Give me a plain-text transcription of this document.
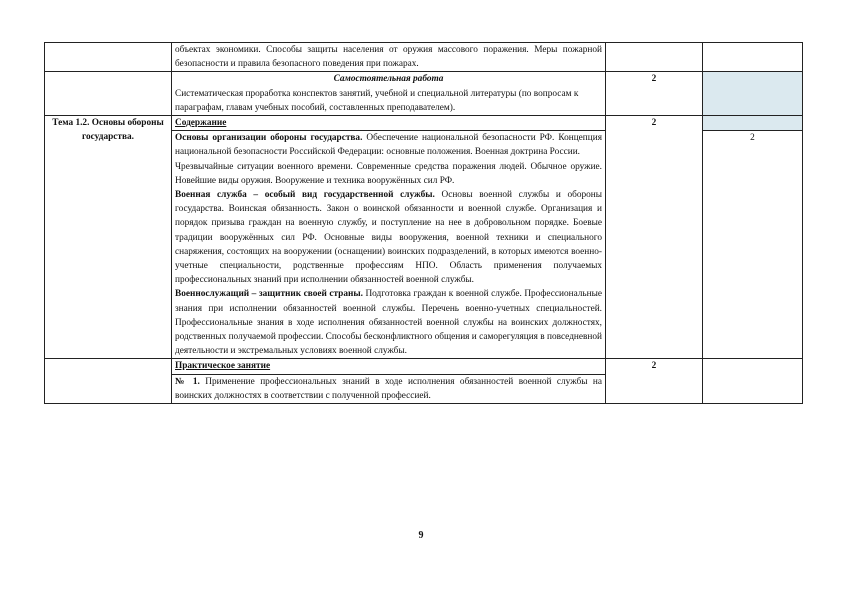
	объектах экономики. Способы защиты населения от оружия массового поражения. Меры пожарной безопасности и правила безопасного поведения при пожарах.		

	Самостоятельная работа
Систематическая проработка конспектов занятий, учебной и специальной литературы (по вопросам к параграфам, главам учебных пособий, составленных преподавателем).	2	
Тема 1.2. Основы обороны государства.	Содержание	2	

	Основы организации обороны государства. Обеспечение национальной безопасности РФ. Концепция национальной безопасности Российской Федерации: основные положения. Военная доктрина России.
Чрезвычайные ситуации военного времени. Современные средства поражения людей. Обычное оружие. Новейшие виды оружия. Вооружение и техника вооружённых сил РФ.
Военная служба – особый вид государственной службы. Основы военной службы и обороны государства. Воинская обязанность. Закон о воинской обязанности и военной службе. Организация и порядок призыва граждан на военную службу, и поступление на нее в добровольном порядке. Боевые традиции вооружённых сил РФ. Основные виды вооружения, военной техники и специального снаряжения, состоящих на вооружении (оснащении) воинских подразделений, в которых имеются военно-учетные специальности, родственные профессиям НПО. Область применения получаемых профессиональных знаний при исполнении обязанностей военной службы.
Военнослужащий – защитник своей страны. Подготовка граждан к военной службе. Профессиональные знания при исполнении обязанностей военной службы. Перечень военно-учетных специальностей. Профессиональные знания в ходе исполнения обязанностей военной службы на воинских должностях, родственных получаемой профессии. Способы бесконфликтного общения и саморегуляция в повседневной деятельности и экстремальных условиях военной службы.		2
	Практическое занятие	2	
	№ 1. Применение профессиональных знаний в ходе исполнения обязанностей военной службы на воинских должностях в соответствии с полученной профессией.		
9
